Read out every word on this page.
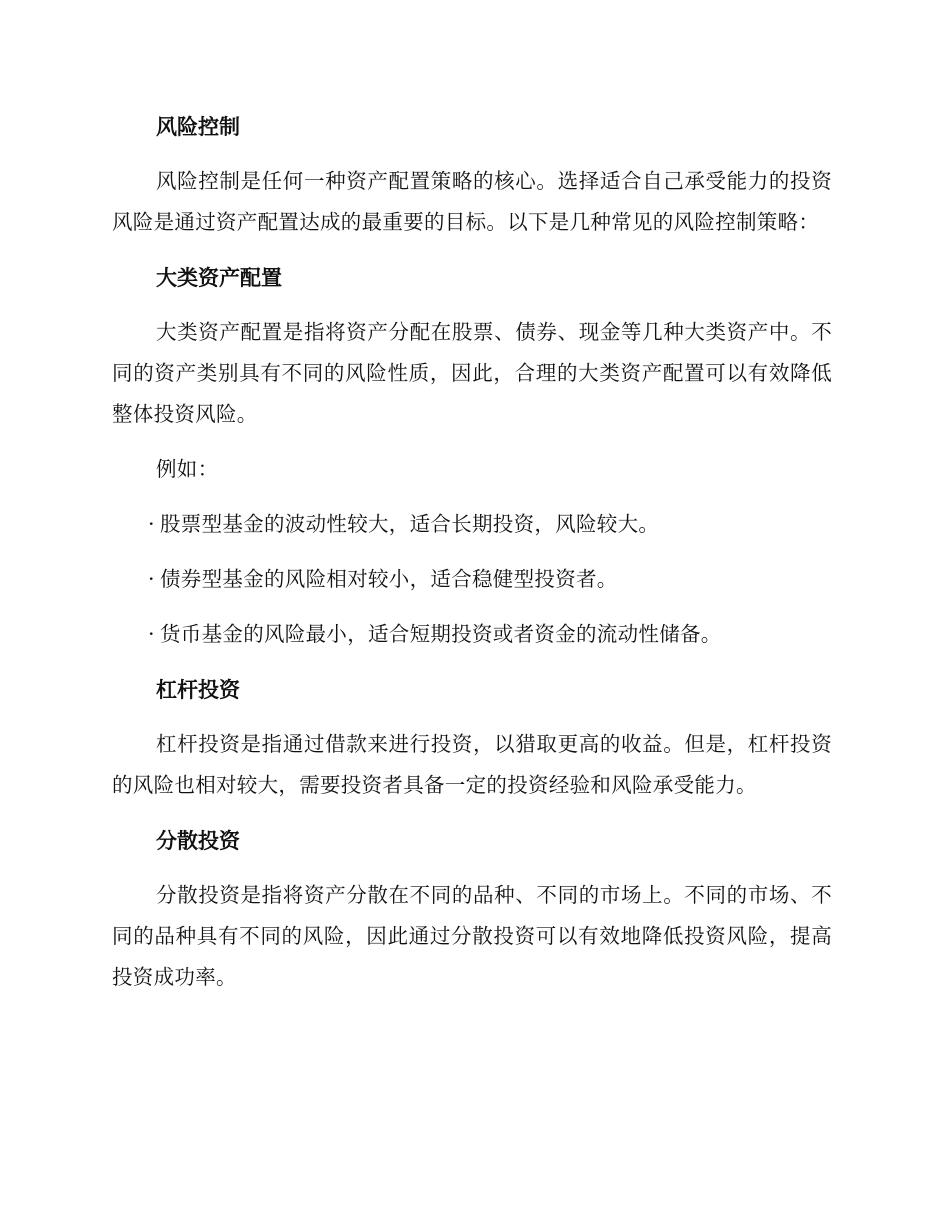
风险控制

风险控制是任何一种资产配置策略的核心。选择适合自己承受能力的投资风险是通过资产配置达成的最重要的目标。以下是几种常见的风险控制策略：

大类资产配置

大类资产配置是指将资产分配在股票、债券、现金等几种大类资产中。不同的资产类别具有不同的风险性质，因此，合理的大类资产配置可以有效降低整体投资风险。

例如：

· 股票型基金的波动性较大，适合长期投资，风险较大。

· 债券型基金的风险相对较小，适合稳健型投资者。

· 货币基金的风险最小，适合短期投资或者资金的流动性储备。

杠杆投资

杠杆投资是指通过借款来进行投资，以猎取更高的收益。但是，杠杆投资的风险也相对较大，需要投资者具备一定的投资经验和风险承受能力。

分散投资

分散投资是指将资产分散在不同的品种、不同的市场上。不同的市场、不同的品种具有不同的风险，因此通过分散投资可以有效地降低投资风险，提高投资成功率。
